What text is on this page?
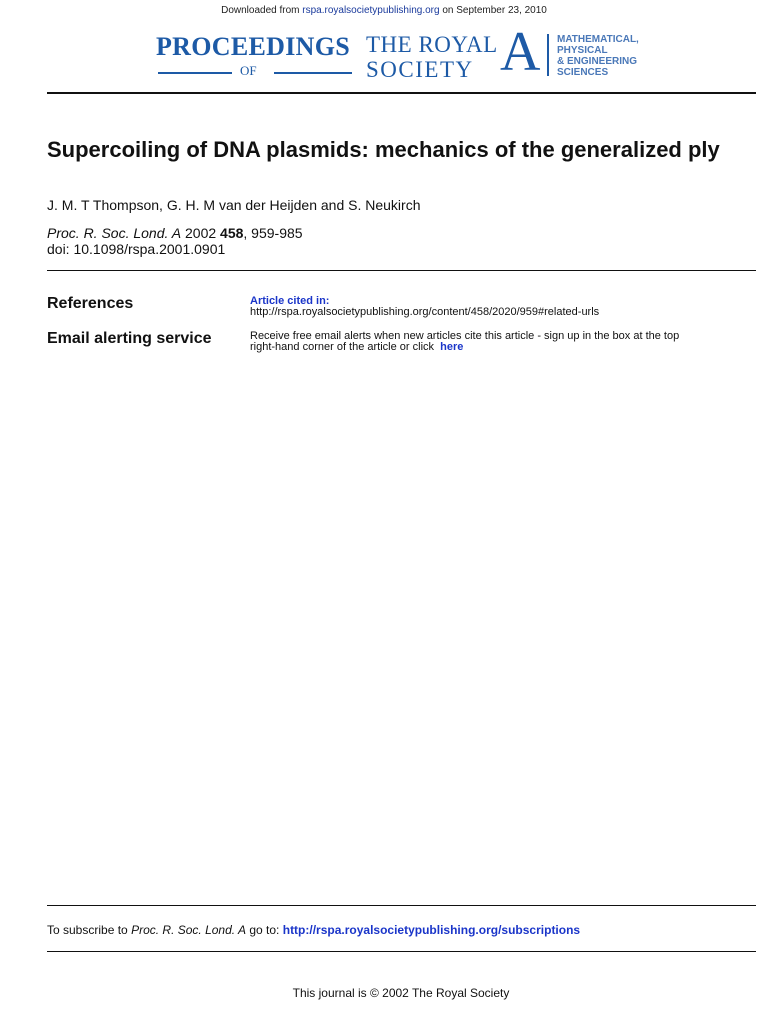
Downloaded from rspa.royalsocietypublishing.org on September 23, 2010
PROCEEDINGS
OF
THE ROYAL
SOCIETY A MATHEMATICAL,
PHYSICAL
& ENGINEERING
SCIENCES
Supercoiling of DNA plasmids: mechanics of the generalized ply
J. M. T Thompson, G. H. M van der Heijden and S. Neukirch
Proc. R. Soc. Lond. A 2002 458, 959-985
doi: 10.1098/rspa.2001.0901
References	Article cited in:
http://rspa.royalsocietypublishing.org/content/458/2020/959#related-urls
Email alerting service	Receive free email alerts when new articles cite this article - sign up in the box at the top
right-hand corner of the article or click here
To subscribe to Proc. R. Soc. Lond. A go to: http://rspa.royalsocietypublishing.org/subscriptions
This journal is © 2002 The Royal Society
